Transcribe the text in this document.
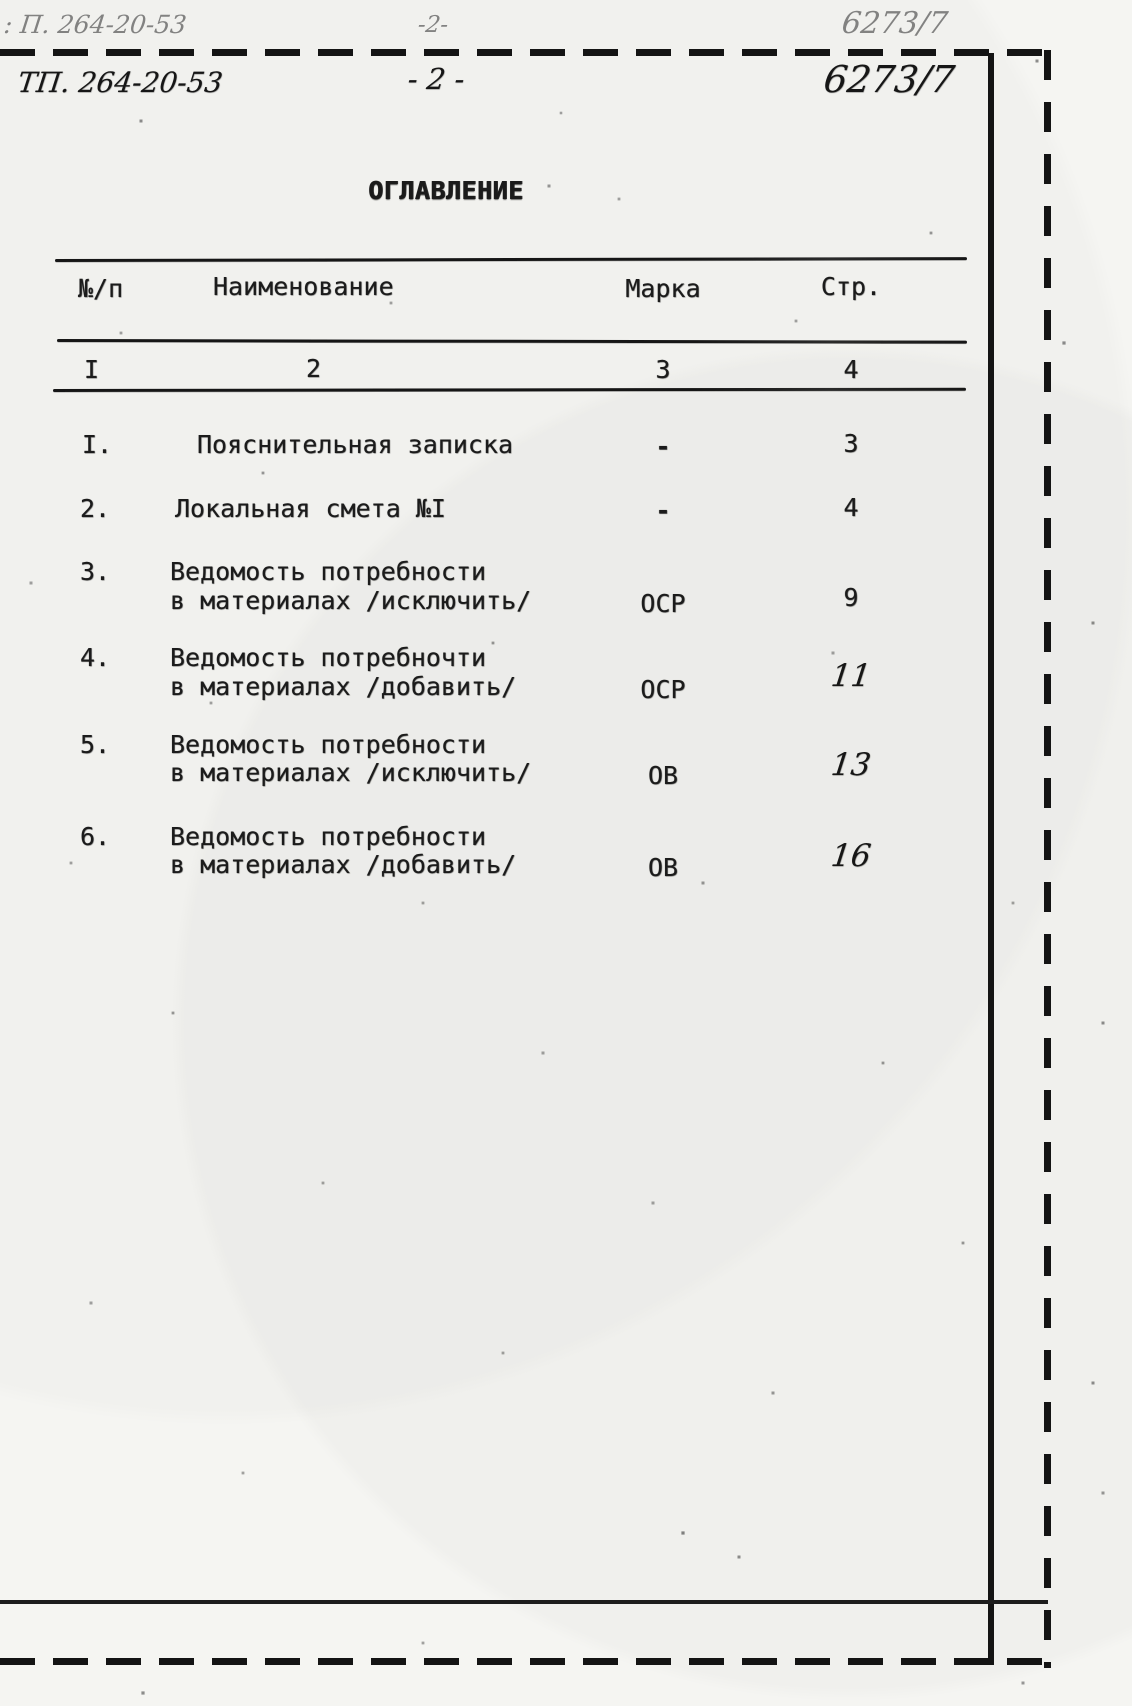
: П. 264-20-53	-2-	6273/7
ТП. 264-20-53	- 2 -	6273/7
ОГЛАВЛЕНИЕ
№/п	Наименование	Марка	Стр.
I	2	3	4
I.	Пояснительная записка	-	3
2.	Локальная смета №I	-	4
3. Ведомость потребности
в материалах /исключить/	ОСР	9
4. Ведомость потребночти
в материалах /добавить/	ОСР	11
5. Ведомость потребности
в материалах /исключить/	ОВ	13
6. Ведомость потребности
в материалах /добавить/	ОВ	16
